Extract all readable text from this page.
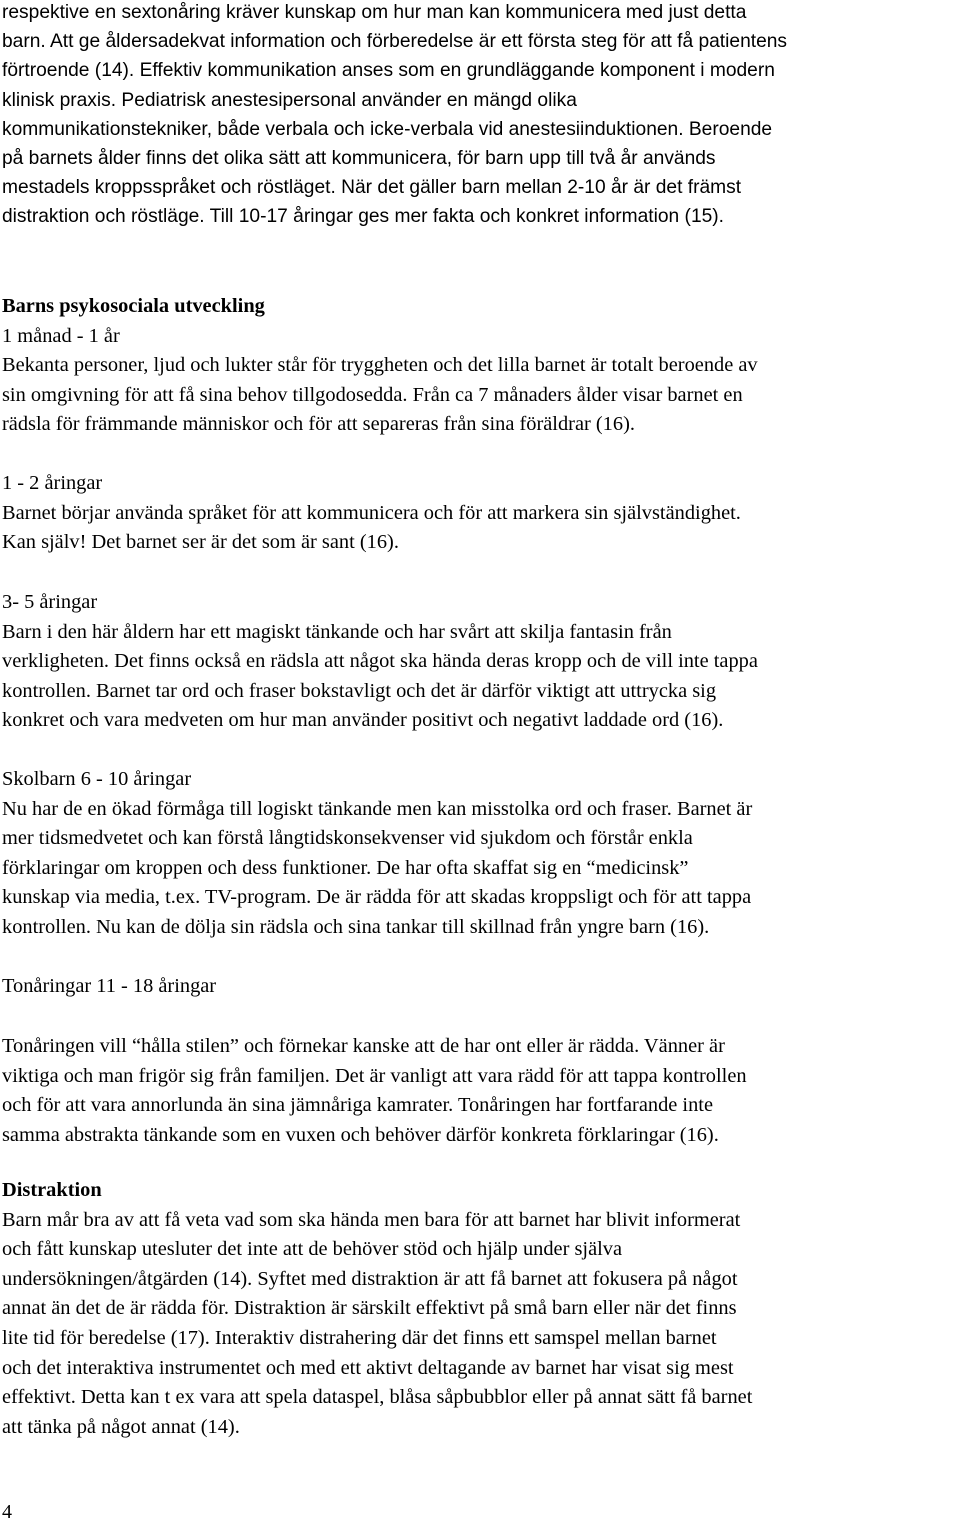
respektive en sextonåring kräver kunskap om hur man kan kommunicera med just detta
barn. Att ge åldersadekvat information och förberedelse är ett första steg för att få patientens
förtroende (14). Effektiv kommunikation anses som en grundläggande komponent i modern
klinisk praxis. Pediatrisk anestesipersonal använder en mängd olika
kommunikationstekniker, både verbala och icke-verbala vid anestesiinduktionen. Beroende
på barnets ålder finns det olika sätt att kommunicera, för barn upp till två år används
mestadels kroppsspråket och röstläget. När det gäller barn mellan 2-10 år är det främst
distraktion och röstläge. Till 10-17 åringar ges mer fakta och konkret information (15).
Barns psykosociala utveckling
1 månad - 1 år
Bekanta personer, ljud och lukter står för tryggheten och det lilla barnet är totalt beroende av
sin omgivning för att få sina behov tillgodosedda. Från ca 7 månaders ålder visar barnet en
rädsla för främmande människor och för att separeras från sina föräldrar (16).
1 - 2 åringar
Barnet börjar använda språket för att kommunicera och för att markera sin självständighet.
Kan själv! Det barnet ser är det som är sant (16).
3- 5 åringar
Barn i den här åldern har ett magiskt tänkande och har svårt att skilja fantasin från
verkligheten. Det finns också en rädsla att något ska hända deras kropp och de vill inte tappa
kontrollen. Barnet tar ord och fraser bokstavligt och det är därför viktigt att uttrycka sig
konkret och vara medveten om hur man använder positivt och negativt laddade ord (16).
Skolbarn 6 - 10 åringar
Nu har de en ökad förmåga till logiskt tänkande men kan misstolka ord och fraser. Barnet är
mer tidsmedvetet och kan förstå långtidskonsekvenser vid sjukdom och förstår enkla
förklaringar om kroppen och dess funktioner. De har ofta skaffat sig en “medicinsk”
kunskap via media, t.ex. TV-program. De är rädda för att skadas kroppsligt och för att tappa
kontrollen. Nu kan de dölja sin rädsla och sina tankar till skillnad från yngre barn (16).
Tonåringar 11 - 18 åringar
Tonåringen vill “hålla stilen” och förnekar kanske att de har ont eller är rädda. Vänner är
viktiga och man frigör sig från familjen. Det är vanligt att vara rädd för att tappa kontrollen
och för att vara annorlunda än sina jämnåriga kamrater. Tonåringen har fortfarande inte
samma abstrakta tänkande som en vuxen och behöver därför konkreta förklaringar (16).
Distraktion
Barn mår bra av att få veta vad som ska hända men bara för att barnet har blivit informerat
och fått kunskap utesluter det inte att de behöver stöd och hjälp under själva
undersökningen/åtgärden (14). Syftet med distraktion är att få barnet att fokusera på något
annat än det de är rädda för. Distraktion är särskilt effektivt på små barn eller när det finns
lite tid för beredelse (17). Interaktiv distrahering där det finns ett samspel mellan barnet
och det interaktiva instrumentet och med ett aktivt deltagande av barnet har visat sig mest
effektivt. Detta kan t ex vara att spela dataspel, blåsa såpbubblor eller på annat sätt få barnet
att tänka på något annat (14).
4
